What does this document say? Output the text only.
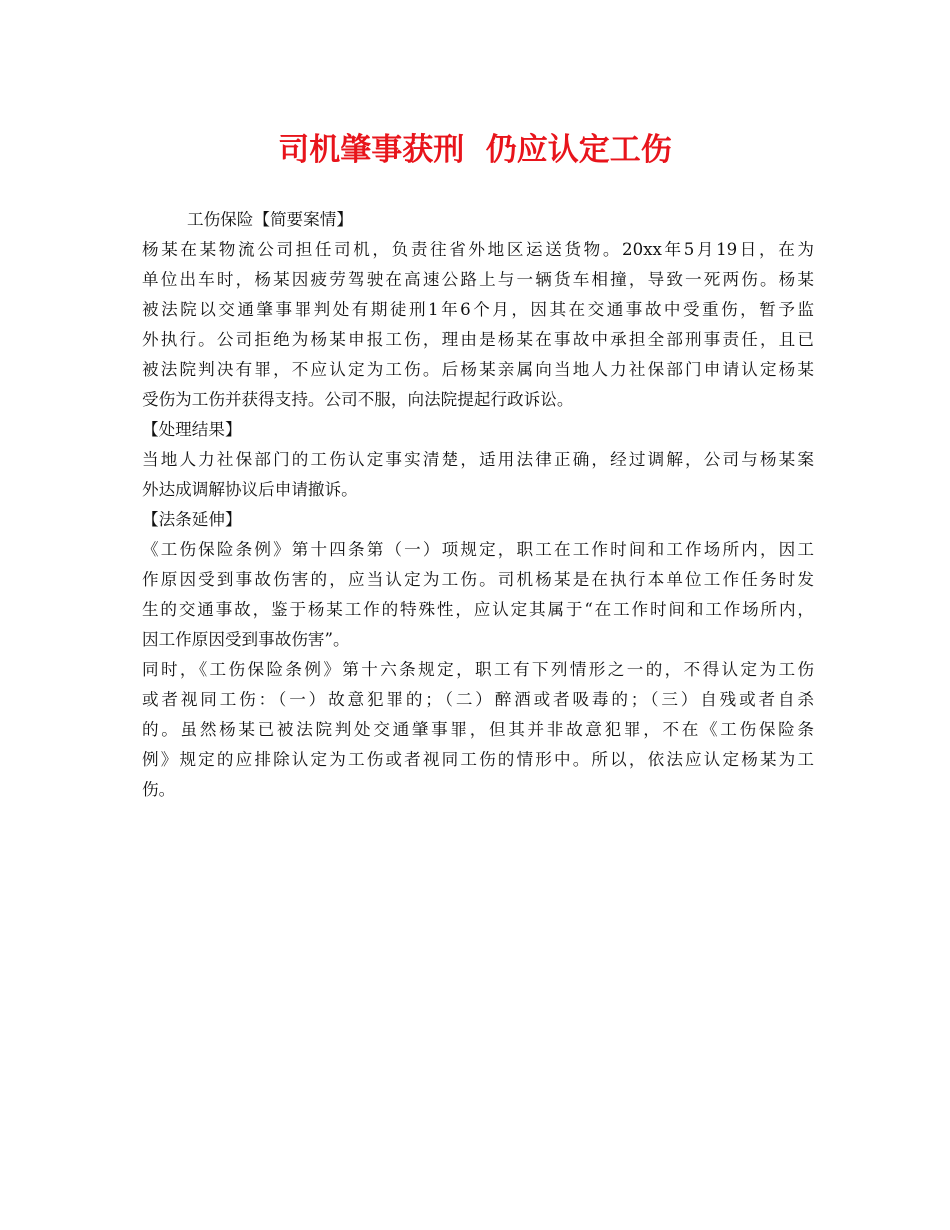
司机肇事获刑  仍应认定工伤
工伤保险【简要案情】
杨某在某物流公司担任司机，负责往省外地区运送货物。20xx年5月19日，在为
单位出车时，杨某因疲劳驾驶在高速公路上与一辆货车相撞，导致一死两伤。杨某
被法院以交通肇事罪判处有期徒刑1年6个月，因其在交通事故中受重伤，暂予监
外执行。公司拒绝为杨某申报工伤，理由是杨某在事故中承担全部刑事责任，且已
被法院判决有罪，不应认定为工伤。后杨某亲属向当地人力社保部门申请认定杨某
受伤为工伤并获得支持。公司不服，向法院提起行政诉讼。
【处理结果】
当地人力社保部门的工伤认定事实清楚，适用法律正确，经过调解，公司与杨某案
外达成调解协议后申请撤诉。
【法条延伸】
《工伤保险条例》第十四条第（一）项规定，职工在工作时间和工作场所内，因工
作原因受到事故伤害的，应当认定为工伤。司机杨某是在执行本单位工作任务时发
生的交通事故，鉴于杨某工作的特殊性，应认定其属于“在工作时间和工作场所内，
因工作原因受到事故伤害”。
同时，《工伤保险条例》第十六条规定，职工有下列情形之一的，不得认定为工伤
或者视同工伤：（一）故意犯罪的；（二）醉酒或者吸毒的；（三）自残或者自杀
的。虽然杨某已被法院判处交通肇事罪，但其并非故意犯罪，不在《工伤保险条
例》规定的应排除认定为工伤或者视同工伤的情形中。所以，依法应认定杨某为工
伤。
